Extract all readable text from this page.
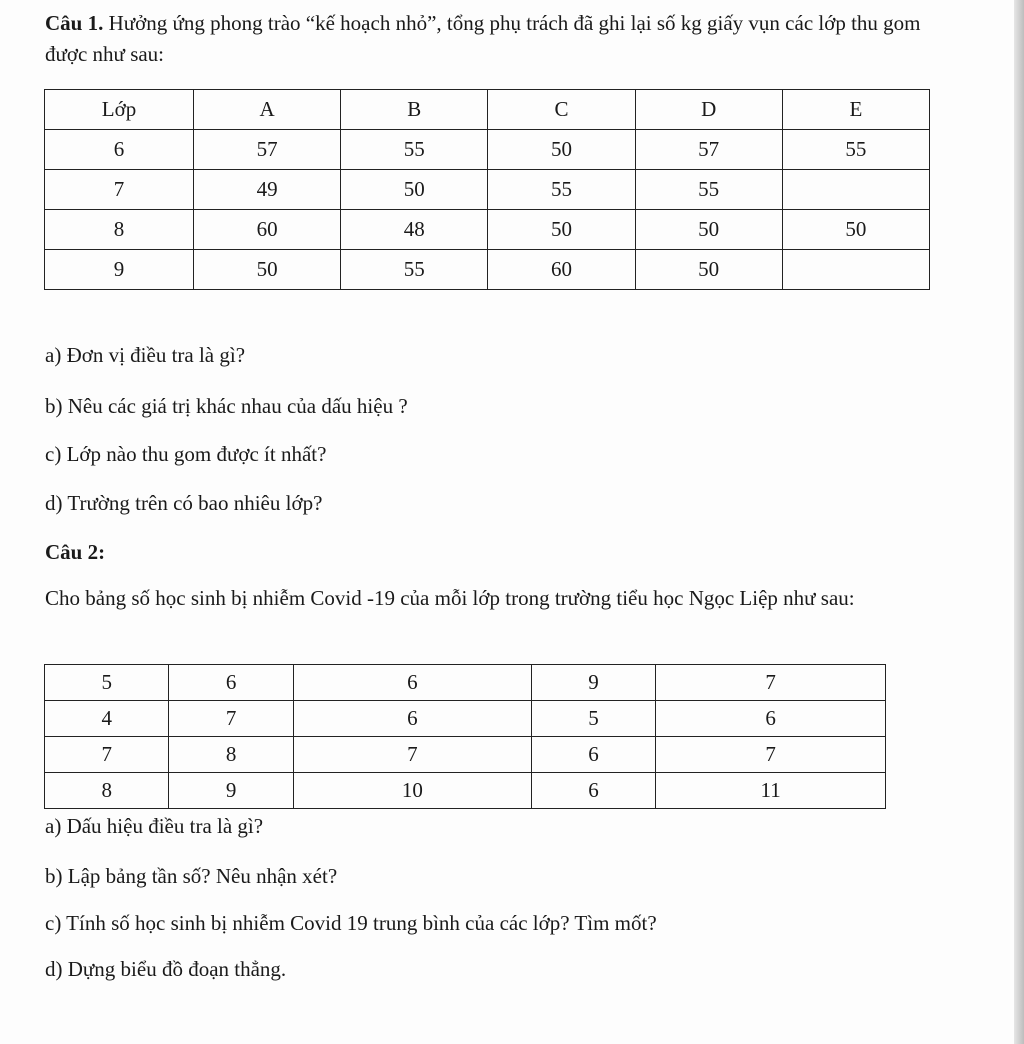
Câu 1. Hưởng ứng phong trào “kế hoạch nhỏ”, tổng phụ trách đã ghi lại số kg giấy vụn các lớp thu gom được như sau:

Lớp	A	B	C	D	E
6	57	55	50	57	55
7	49	50	55	55	
8	60	48	50	50	50
9	50	55	60	50	

a) Đơn vị điều tra là gì?

b) Nêu các giá trị khác nhau của dấu hiệu ?

c) Lớp nào thu gom được ít nhất?

d) Trường trên có bao nhiêu lớp?

Câu 2:

Cho bảng số học sinh bị nhiễm Covid -19 của mỗi lớp trong trường tiểu học Ngọc Liệp như sau:

5	6	6	9	7
4	7	6	5	6
7	8	7	6	7
8	9	10	6	11

a) Dấu hiệu điều tra là gì?

b) Lập bảng tần số? Nêu nhận xét?

c) Tính số học sinh bị nhiễm Covid 19 trung bình của các lớp? Tìm mốt?

d) Dựng biểu đồ đoạn thẳng.
